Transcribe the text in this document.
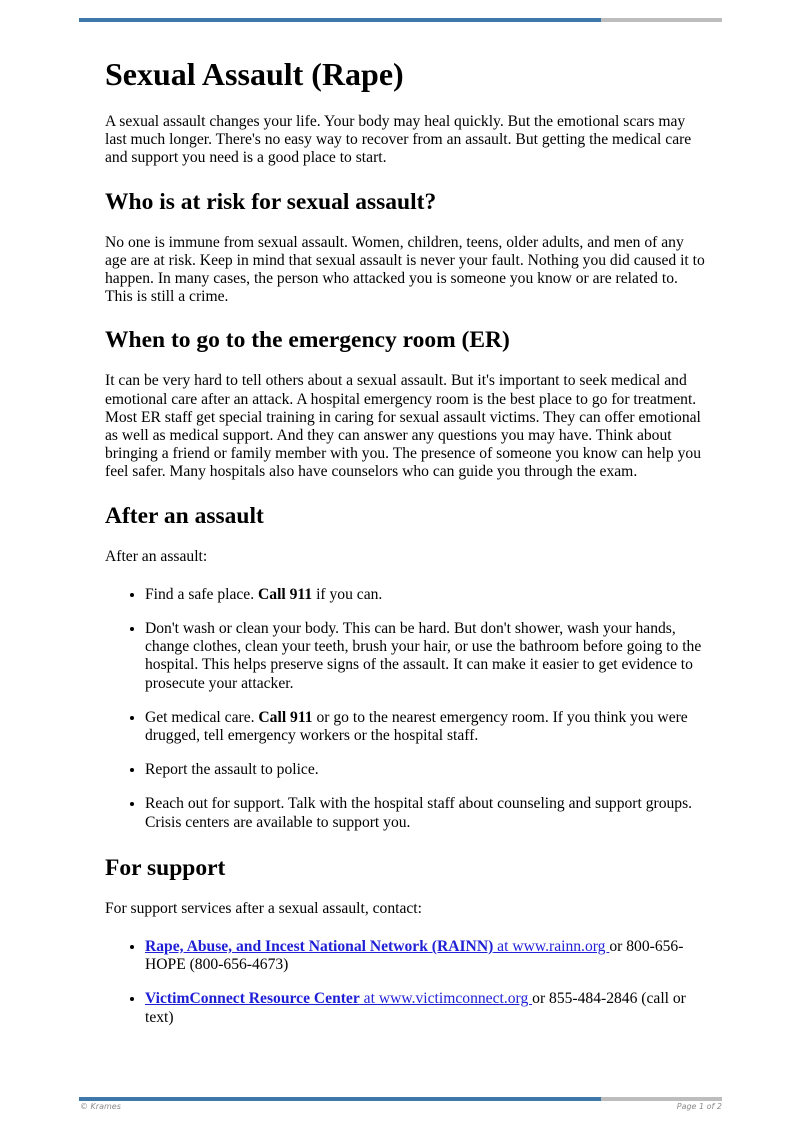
Sexual Assault (Rape)

A sexual assault changes your life. Your body may heal quickly. But the emotional scars may last much longer. There's no easy way to recover from an assault. But getting the medical care and support you need is a good place to start.

Who is at risk for sexual assault?

No one is immune from sexual assault. Women, children, teens, older adults, and men of any age are at risk. Keep in mind that sexual assault is never your fault. Nothing you did caused it to happen. In many cases, the person who attacked you is someone you know or are related to. This is still a crime.

When to go to the emergency room (ER)

It can be very hard to tell others about a sexual assault. But it's important to seek medical and emotional care after an attack. A hospital emergency room is the best place to go for treatment. Most ER staff get special training in caring for sexual assault victims. They can offer emotional as well as medical support. And they can answer any questions you may have. Think about bringing a friend or family member with you. The presence of someone you know can help you feel safer. Many hospitals also have counselors who can guide you through the exam.

After an assault

After an assault:

• Find a safe place. Call 911 if you can.
• Don't wash or clean your body. This can be hard. But don't shower, wash your hands, change clothes, clean your teeth, brush your hair, or use the bathroom before going to the hospital. This helps preserve signs of the assault. It can make it easier to get evidence to prosecute your attacker.
• Get medical care. Call 911 or go to the nearest emergency room. If you think you were drugged, tell emergency workers or the hospital staff.
• Report the assault to police.
• Reach out for support. Talk with the hospital staff about counseling and support groups. Crisis centers are available to support you.
For support

For support services after a sexual assault, contact:

• Rape, Abuse, and Incest National Network (RAINN) at www.rainn.org or 800-656-HOPE (800-656-4673)
• VictimConnect Resource Center at www.victimconnect.org or 855-484-2846 (call or text)
© Krames	Page 1 of 2
